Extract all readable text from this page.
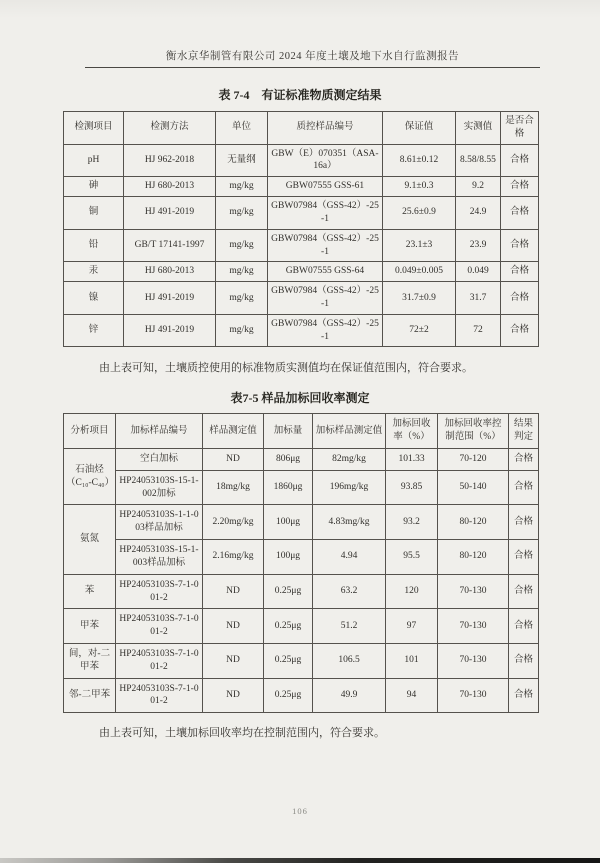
衡水京华制管有限公司 2024 年度土壤及地下水自行监测报告
表 7-4　有证标准物质测定结果
检测项目	检测方法	单位	质控样品编号	保证值	实测值	是否合格
pH	HJ 962-2018	无量纲	GBW（E）070351（ASA-16a）	8.61±0.12	8.58/8.55	合格
砷	HJ 680-2013	mg/kg	GBW07555 GSS-61	9.1±0.3	9.2	合格
铜	HJ 491-2019	mg/kg	GBW07984（GSS-42）-25-1	25.6±0.9	24.9	合格
铅	GB/T 17141-1997	mg/kg	GBW07984（GSS-42）-25-1	23.1±3	23.9	合格
汞	HJ 680-2013	mg/kg	GBW07555 GSS-64	0.049±0.005	0.049	合格
镍	HJ 491-2019	mg/kg	GBW07984（GSS-42）-25-1	31.7±0.9	31.7	合格
锌	HJ 491-2019	mg/kg	GBW07984（GSS-42）-25-1	72±2	72	合格
由上表可知，土壤质控使用的标准物质实测值均在保证值范围内，符合要求。
表7-5 样品加标回收率测定
分析项目	加标样品编号	样品测定值	加标量	加标样品测定值	加标回收率（%）	加标回收率控制范围（%）	结果判定
石油烃（C₁₀-C₄₀）	空白加标	ND	806μg	82mg/kg	101.33	70-120	合格
	HP24053103S-15-1-002加标	18mg/kg	1860μg	196mg/kg	93.85	50-140	合格
氨氮	HP24053103S-1-1-003样品加标	2.20mg/kg	100μg	4.83mg/kg	93.2	80-120	合格
	HP24053103S-15-1-003样品加标	2.16mg/kg	100μg	4.94	95.5	80-120	合格
苯	HP24053103S-7-1-001-2	ND	0.25μg	63.2	120	70-130	合格
甲苯	HP24053103S-7-1-001-2	ND	0.25μg	51.2	97	70-130	合格
间，对-二甲苯	HP24053103S-7-1-001-2	ND	0.25μg	106.5	101	70-130	合格
邻-二甲苯	HP24053103S-7-1-001-2	ND	0.25μg	49.9	94	70-130	合格
由上表可知，土壤加标回收率均在控制范围内，符合要求。
106
